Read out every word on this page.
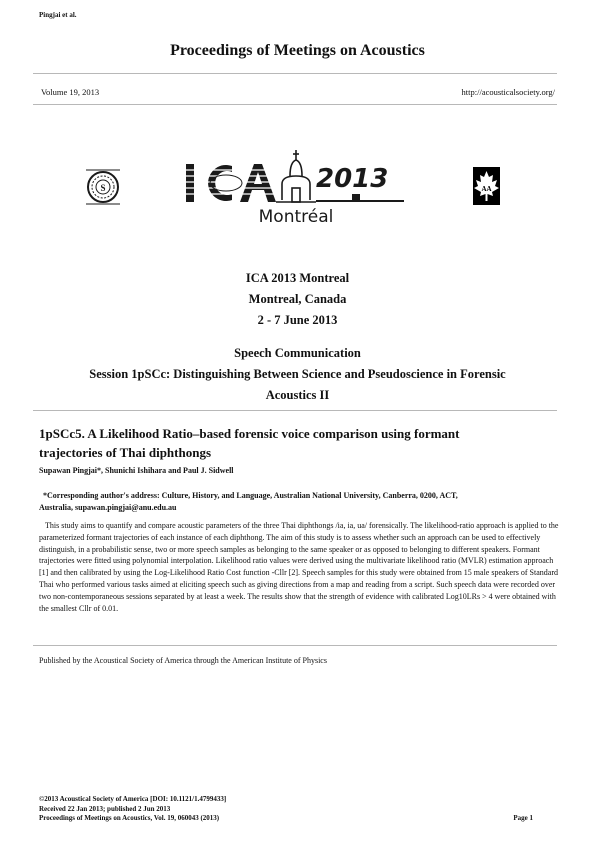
Pingjai et al.
Proceedings of Meetings on Acoustics
Volume 19, 2013	http://acousticalsociety.org/
S	2013
Montréal
AA
ICA 2013 Montreal
Montreal, Canada
2 - 7 June 2013
Speech Communication
Session 1pSCc: Distinguishing Between Science and Pseudoscience in Forensic
Acoustics II
1pSCc5. A Likelihood Ratio–based forensic voice comparison using formant
trajectories of Thai diphthongs
Supawan Pingjai*, Shunichi Ishihara and Paul J. Sidwell
*Corresponding author's address: Culture, History, and Language, Australian National University, Canberra, 0200, ACT,
Australia, supawan.pingjai@anu.edu.au
This study aims to quantify and compare acoustic parameters of the three Thai diphthongs /ia, ia, ua/ forensically. The likelihood-ratio approach is applied to the parameterized formant trajectories of each instance of each diphthong. The aim of this study is to assess whether such an approach can be used to effectively distinguish, in a probabilistic sense, two or more speech samples as belonging to the same speaker or as opposed to belonging to different speakers. Formant trajectories were fitted using polynomial interpolation. Likelihood ratio values were derived using the multivariate likelihood ratio (MVLR) estimation approach [1] and then calibrated by using the Log-Likelihood Ratio Cost function -Cllr [2]. Speech samples for this study were obtained from 15 male speakers of Standard Thai who performed various tasks aimed at eliciting speech such as giving directions from a map and reading from a script. Such speech data were recorded over two non-contemporaneous sessions separated by at least a week. The results show that the strength of evidence with calibrated Log10LRs > 4 were obtained with the smallest Cllr of 0.01.
Published by the Acoustical Society of America through the American Institute of Physics
©2013 Acoustical Society of America [DOI: 10.1121/1.4799433]
Received 22 Jan 2013; published 2 Jun 2013
Proceedings of Meetings on Acoustics, Vol. 19, 060043 (2013)	Page 1
